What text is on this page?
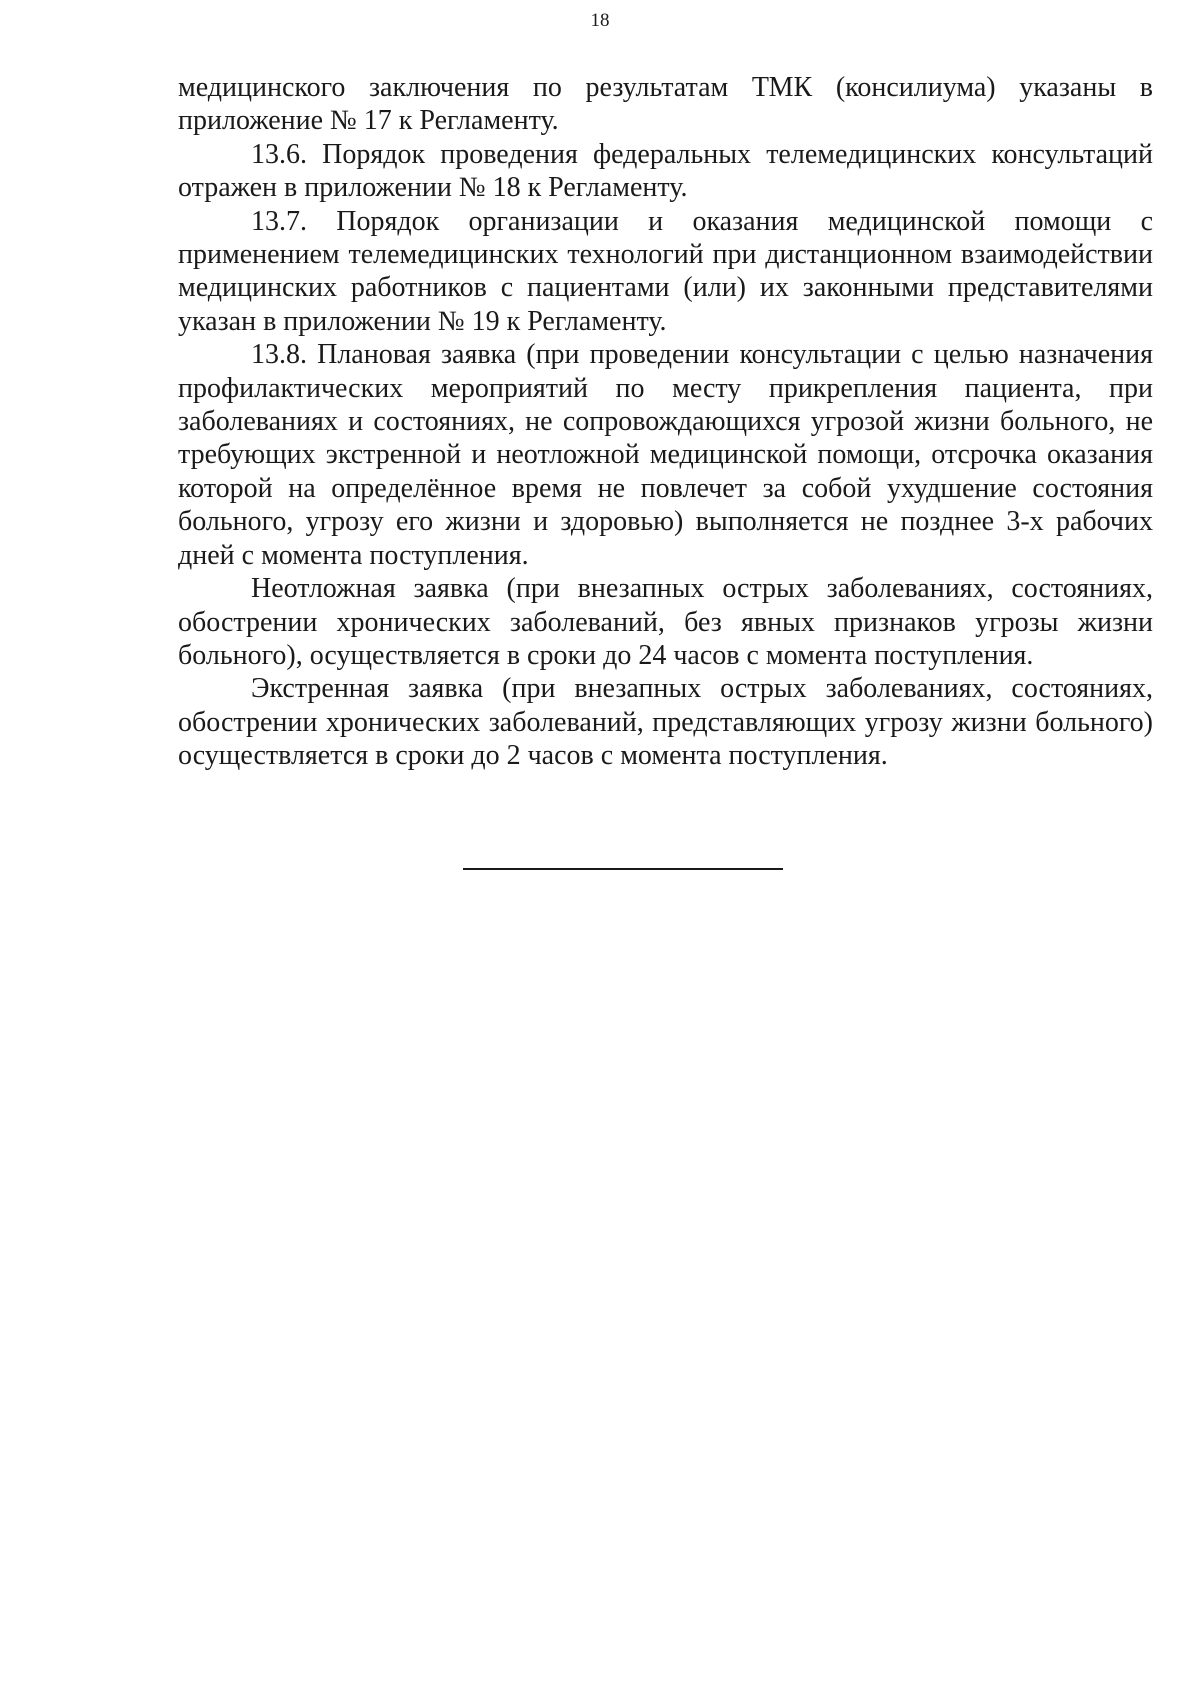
18

медицинского заключения по результатам ТМК (консилиума) указаны в приложение № 17 к Регламенту.

13.6. Порядок проведения федеральных телемедицинских консультаций отражен в приложении № 18 к Регламенту.

13.7. Порядок организации и оказания медицинской помощи с применением телемедицинских технологий при дистанционном взаимодействии медицинских работников с пациентами (или) их законными представителями указан в приложении № 19 к Регламенту.

13.8. Плановая заявка (при проведении консультации с целью назначения профилактических мероприятий по месту прикрепления пациента, при заболеваниях и состояниях, не сопровождающихся угрозой жизни больного, не требующих экстренной и неотложной медицинской помощи, отсрочка оказания которой на определённое время не повлечет за собой ухудшение состояния больного, угрозу его жизни и здоровью) выполняется не позднее 3-х рабочих дней с момента поступления.

Неотложная заявка (при внезапных острых заболеваниях, состояниях, обострении хронических заболеваний, без явных признаков угрозы жизни больного), осуществляется в сроки до 24 часов с момента поступления.

Экстренная заявка (при внезапных острых заболеваниях, состояниях, обострении хронических заболеваний, представляющих угрозу жизни больного) осуществляется в сроки до 2 часов с момента поступления.
